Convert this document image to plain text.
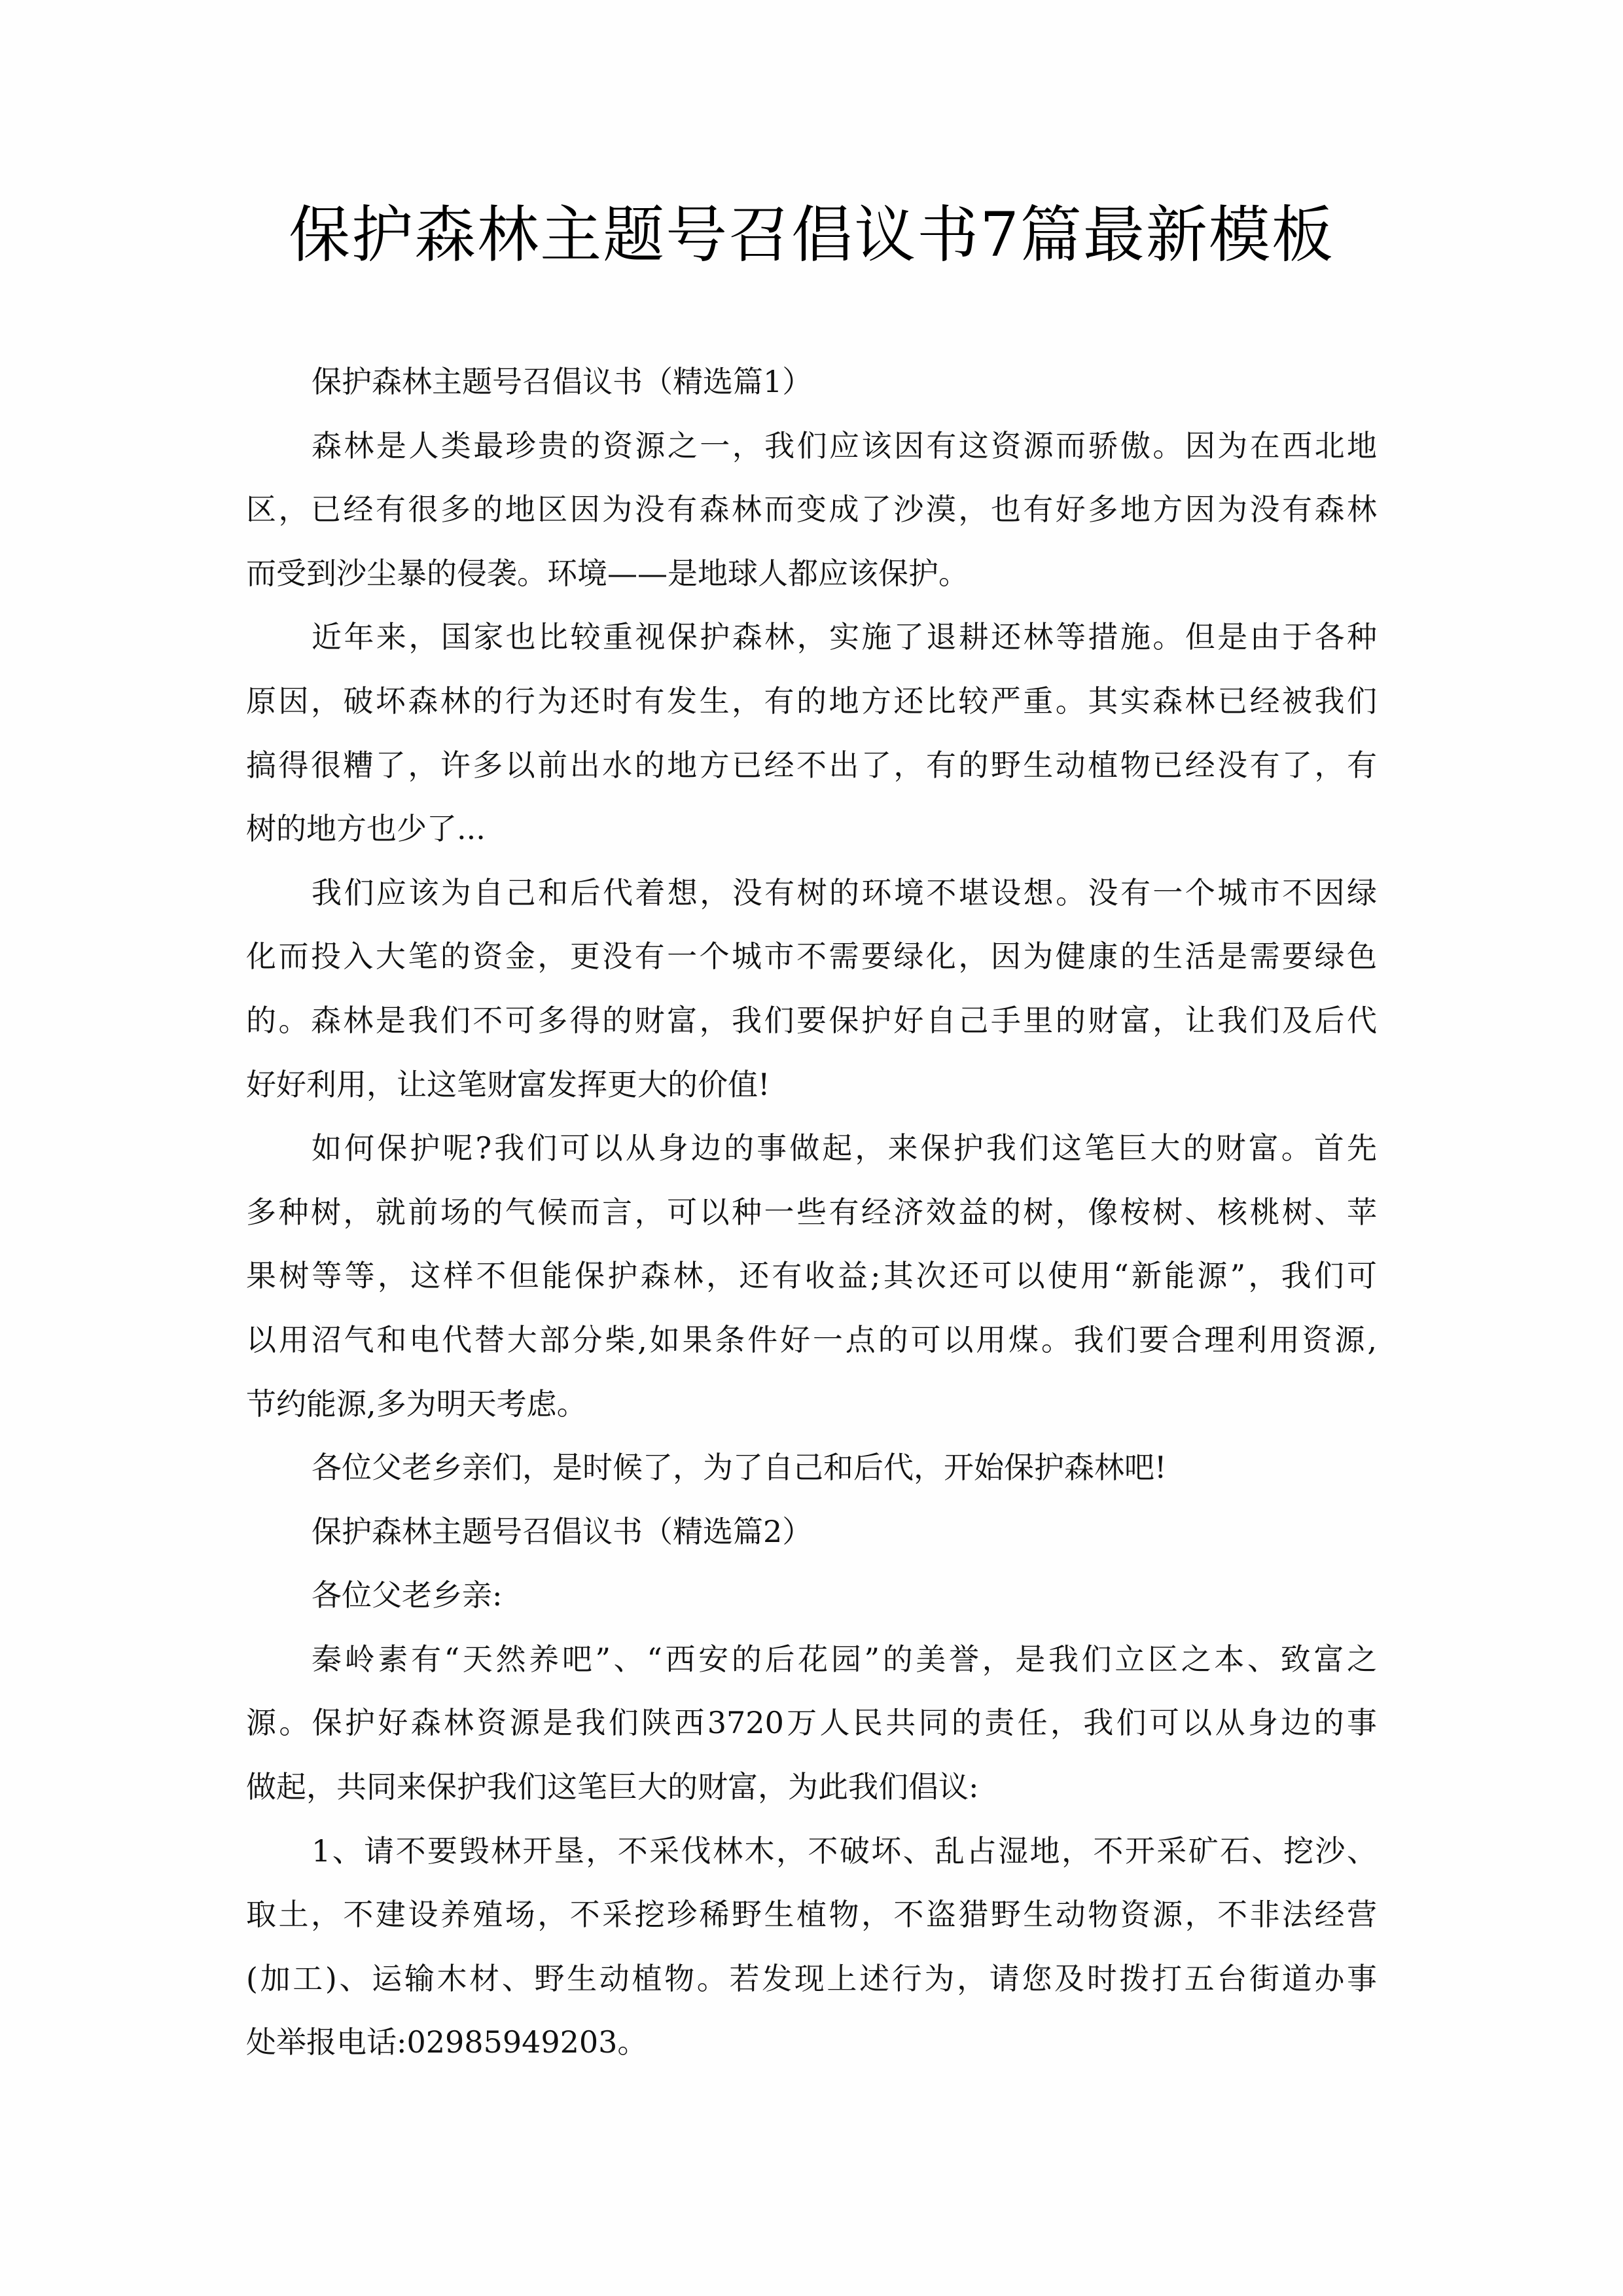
保护森林主题号召倡议书7篇最新模板
保护森林主题号召倡议书（精选篇1）
森林是人类最珍贵的资源之一，我们应该因有这资源而骄傲。因为在西北地
区，已经有很多的地区因为没有森林而变成了沙漠，也有好多地方因为没有森林
而受到沙尘暴的侵袭。环境——是地球人都应该保护。
近年来，国家也比较重视保护森林，实施了退耕还林等措施。但是由于各种
原因，破坏森林的行为还时有发生，有的地方还比较严重。其实森林已经被我们
搞得很糟了，许多以前出水的地方已经不出了，有的野生动植物已经没有了，有
树的地方也少了...
我们应该为自己和后代着想，没有树的环境不堪设想。没有一个城市不因绿
化而投入大笔的资金，更没有一个城市不需要绿化，因为健康的生活是需要绿色
的。森林是我们不可多得的财富，我们要保护好自己手里的财富，让我们及后代
好好利用，让这笔财富发挥更大的价值!
如何保护呢?我们可以从身边的事做起，来保护我们这笔巨大的财富。首先
多种树，就前场的气候而言，可以种一些有经济效益的树，像桉树、核桃树、苹
果树等等，这样不但能保护森林，还有收益;其次还可以使用“新能源”，我们可
以用沼气和电代替大部分柴,如果条件好一点的可以用煤。我们要合理利用资源,
节约能源,多为明天考虑。
各位父老乡亲们，是时候了，为了自己和后代，开始保护森林吧!
保护森林主题号召倡议书（精选篇2）
各位父老乡亲:
秦岭素有“天然养吧”、“西安的后花园”的美誉，是我们立区之本、致富之
源。保护好森林资源是我们陕西3720万人民共同的责任，我们可以从身边的事
做起，共同来保护我们这笔巨大的财富，为此我们倡议:
1、请不要毁林开垦，不采伐林木，不破坏、乱占湿地，不开采矿石、挖沙、
取土，不建设养殖场，不采挖珍稀野生植物，不盗猎野生动物资源，不非法经营
(加工)、运输木材、野生动植物。若发现上述行为，请您及时拨打五台街道办事
处举报电话:02985949203。
